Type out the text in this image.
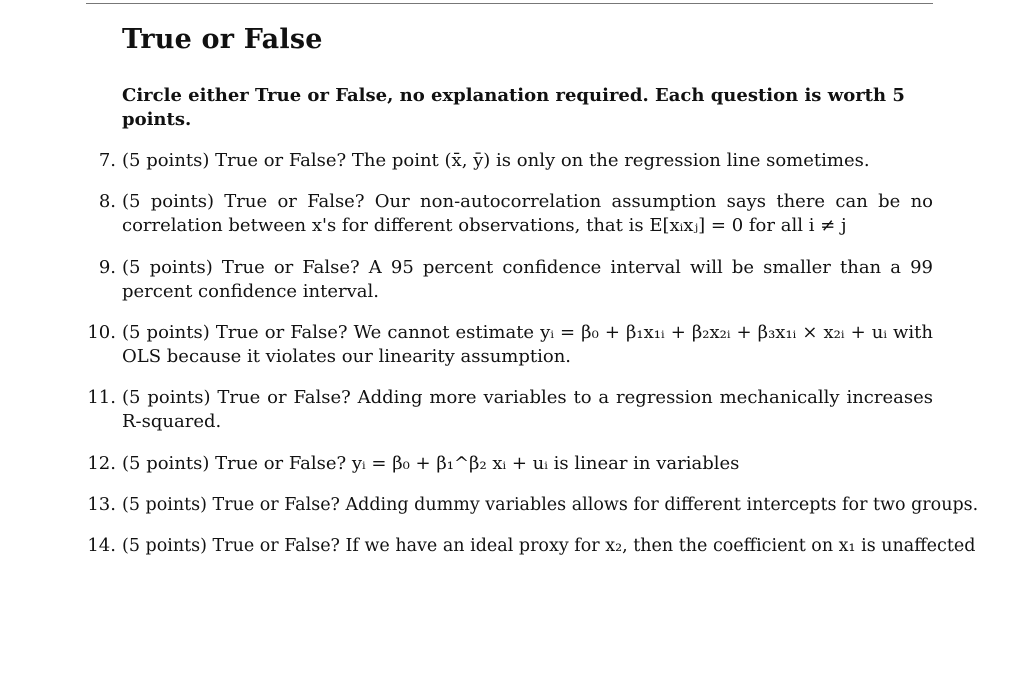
True or False

Circle either True or False, no explanation required. Each question is worth 5 points.

7. (5 points) True or False? The point (x̄, ȳ) is only on the regression line sometimes.
8. (5 points) True or False? Our non-autocorrelation assumption says there can be no correlation between x's for different observations, that is E[xᵢxⱼ] = 0 for all i ≠ j
9. (5 points) True or False? A 95 percent confidence interval will be smaller than a 99 percent confidence interval.
10. (5 points) True or False? We cannot estimate yᵢ = β₀ + β₁x₁ᵢ + β₂x₂ᵢ + β₃x₁ᵢ × x₂ᵢ + uᵢ with OLS because it violates our linearity assumption.
11. (5 points) True or False? Adding more variables to a regression mechanically increases R-squared.
12. (5 points) True or False? yᵢ = β₀ + β₁^β₂ xᵢ + uᵢ is linear in variables
13. (5 points) True or False? Adding dummy variables allows for different intercepts for two groups.
14. (5 points) True or False? If we have an ideal proxy for x₂, then the coefficient on x₁ is unaffected
